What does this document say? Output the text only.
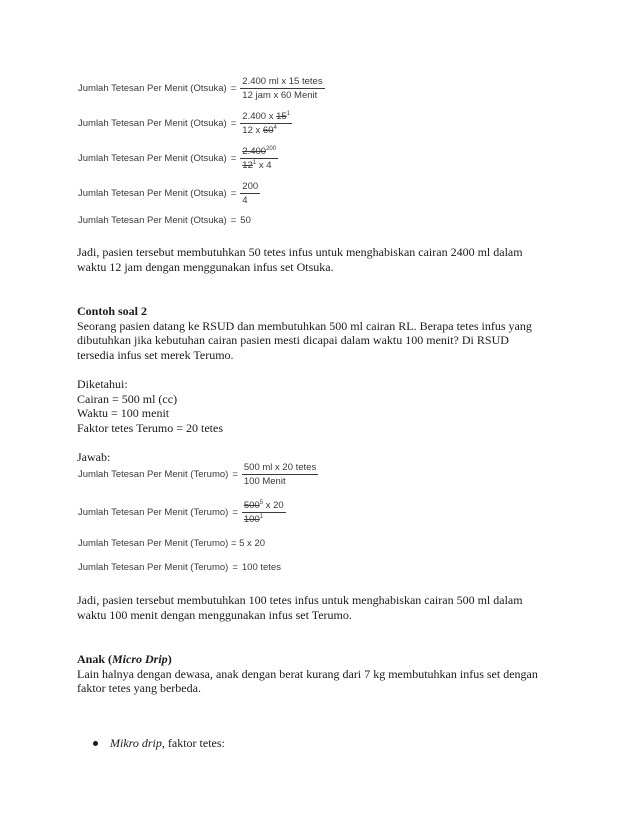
Jumlah Tetesan Per Menit (Otsuka) = $\frac{\text{2.400 ml x 15 tetes}}{\text{12 jam x 60 Menit}}$
Jumlah Tetesan Per Menit (Otsuka) = $\frac{2.400 x 15^1}{12 x 60^4}$
Jumlah Tetesan Per Menit (Otsuka) = $\frac{2.400^{200}}{12^1 x 4}$
Jumlah Tetesan Per Menit (Otsuka) = $\frac{200}{4}$
Jumlah Tetesan Per Menit (Otsuka) = 50
Jadi, pasien tersebut membutuhkan 50 tetes infus untuk menghabiskan cairan 2400 ml dalam
waktu 12 jam dengan menggunakan infus set Otsuka.
Contoh soal 2
Seorang pasien datang ke RSUD dan membutuhkan 500 ml cairan RL. Berapa tetes infus yang
dibutuhkan jika kebutuhan cairan pasien mesti dicapai dalam waktu 100 menit? Di RSUD
tersedia infus set merek Terumo.
Diketahui:
Cairan = 500 ml (cc)
Waktu = 100 menit
Faktor tetes Terumo = 20 tetes
Jawab:
Jumlah Tetesan Per Menit (Terumo) = $\frac{\text{500 ml x 20 tetes}}{\text{100 Menit}}$
Jumlah Tetesan Per Menit (Terumo) = $\frac{500^5 x 20}{100^1}$
Jumlah Tetesan Per Menit (Terumo) = 5 x 20
Jumlah Tetesan Per Menit (Terumo) = 100 tetes
Jadi, pasien tersebut membutuhkan 100 tetes infus untuk menghabiskan cairan 500 ml dalam
waktu 100 menit dengan menggunakan infus set Terumo.
Anak (Micro Drip)
Lain halnya dengan dewasa, anak dengan berat kurang dari 7 kg membutuhkan infus set dengan
faktor tetes yang berbeda.
Mikro drip, faktor tetes:
